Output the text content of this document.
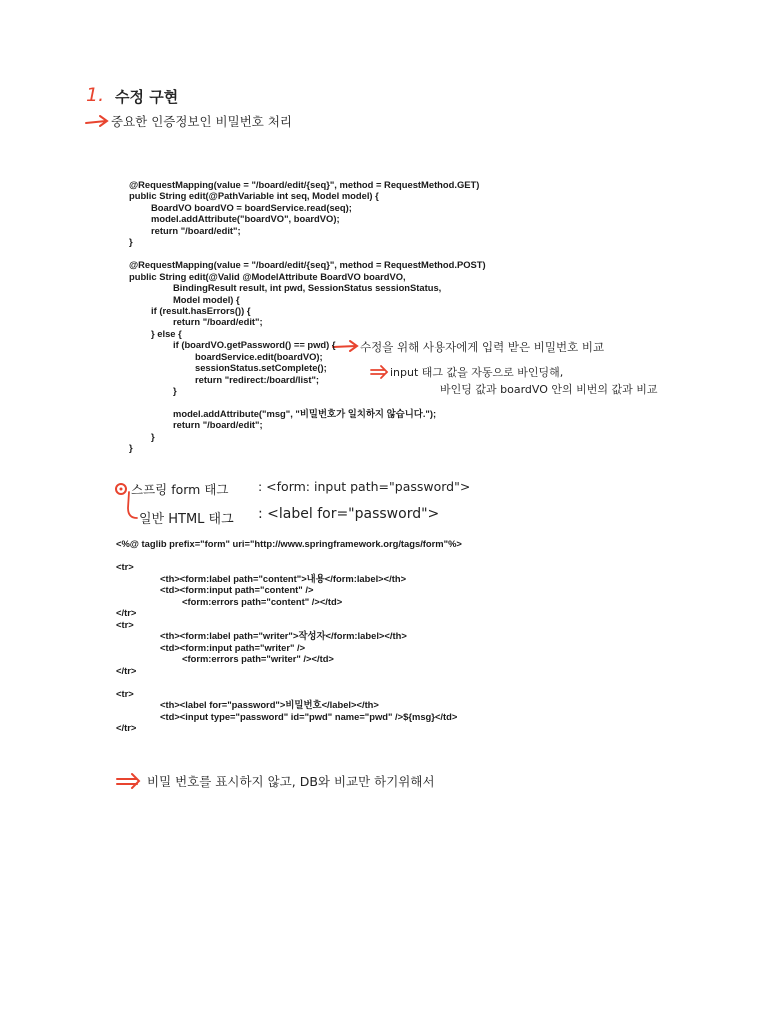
1. 수정 구현
중요한 인증정보인 비밀번호 처리
수정을 위해 사용자에게 입력 받은 비밀번호 비교
input 태그 값을 자동으로 바인딩해,
바인딩 값과 boardVO 안의 비번의 값과 비교
스프링 form 태그 : <form: input path="password">
일반 HTML 태그 : <label for="password">
비밀 번호를 표시하지 않고, DB와 비교만 하기위해서
@RequestMapping(value = "/board/edit/{seq}", method = RequestMethod.GET)
public String edit(@PathVariable int seq, Model model) {
BoardVO boardVO = boardService.read(seq);
model.addAttribute("boardVO", boardVO);
return "/board/edit";
}
@RequestMapping(value = "/board/edit/{seq}", method = RequestMethod.POST)
public String edit(@Valid @ModelAttribute BoardVO boardVO,
BindingResult result, int pwd, SessionStatus sessionStatus,
Model model) {
if (result.hasErrors()) {
return "/board/edit";
} else {
if (boardVO.getPassword() == pwd) {
boardService.edit(boardVO);
sessionStatus.setComplete();
return "redirect:/board/list";
}
model.addAttribute("msg", "비밀번호가 일치하지 않습니다.");
return "/board/edit";
}
}
<%@ taglib prefix="form" uri="http://www.springframework.org/tags/form"%>
<tr>
<th><form:label path="content">내용</form:label></th>
<td><form:input path="content" />
<form:errors path="content" /></td>
</tr>
<tr>
<th><form:label path="writer">작성자</form:label></th>
<td><form:input path="writer" />
<form:errors path="writer" /></td>
</tr>
<tr>
<th><label for="password">비밀번호</label></th>
<td><input type="password" id="pwd" name="pwd" />${msg}</td>
</tr>
